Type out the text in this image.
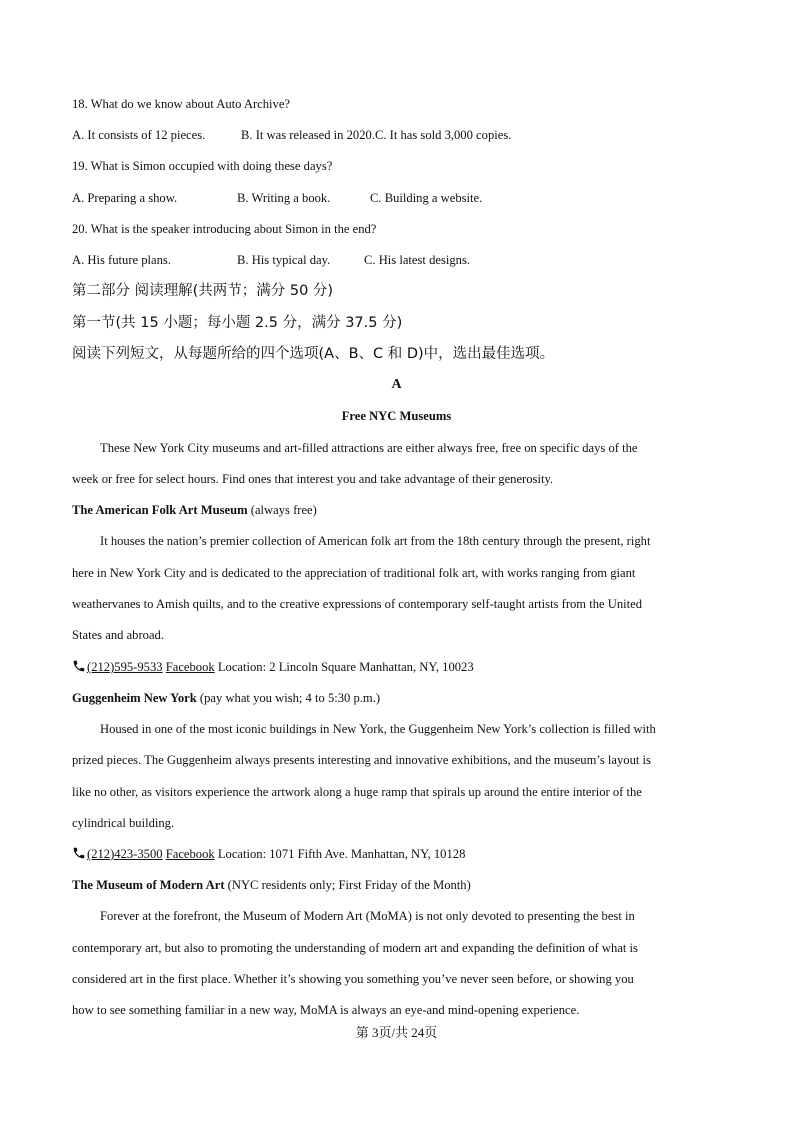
18. What do we know about Auto Archive?
A. It consists of 12 pieces.	B. It was released in 2020.C. It has sold 3,000 copies.
19. What is Simon occupied with doing these days?
A. Preparing a show.	B. Writing a book.	C. Building a website.
20. What is the speaker introducing about Simon in the end?
A. His future plans.	B. His typical day.	C. His latest designs.
第二部分 阅读理解(共两节；满分 50 分)
第一节(共 15 小题；每小题 2.5 分，满分 37.5 分)
阅读下列短文，从每题所给的四个选项(A、B、C 和 D)中，选出最佳选项。
A
Free NYC Museums
These New York City museums and art-filled attractions are either always free, free on specific days of the
week or free for select hours. Find ones that interest you and take advantage of their generosity.
The American Folk Art Museum (always free)
It houses the nation’s premier collection of American folk art from the 18th century through the present, right
here in New York City and is dedicated to the appreciation of traditional folk art, with works ranging from giant
weathervanes to Amish quilts, and to the creative expressions of contemporary self-taught artists from the United
States and abroad.
(212)595-9533 Facebook Location: 2 Lincoln Square Manhattan, NY, 10023
Guggenheim New York (pay what you wish; 4 to 5:30 p.m.)
Housed in one of the most iconic buildings in New York, the Guggenheim New York’s collection is filled with
prized pieces. The Guggenheim always presents interesting and innovative exhibitions, and the museum’s layout is
like no other, as visitors experience the artwork along a huge ramp that spirals up around the entire interior of the
cylindrical building.
(212)423-3500 Facebook Location: 1071 Fifth Ave. Manhattan, NY, 10128
The Museum of Modern Art (NYC residents only; First Friday of the Month)
Forever at the forefront, the Museum of Modern Art (MoMA) is not only devoted to presenting the best in
contemporary art, but also to promoting the understanding of modern art and expanding the definition of what is
considered art in the first place. Whether it’s showing you something you’ve never seen before, or showing you
how to see something familiar in a new way, MoMA is always an eye-and mind-opening experience.
第 3页/共 24页
